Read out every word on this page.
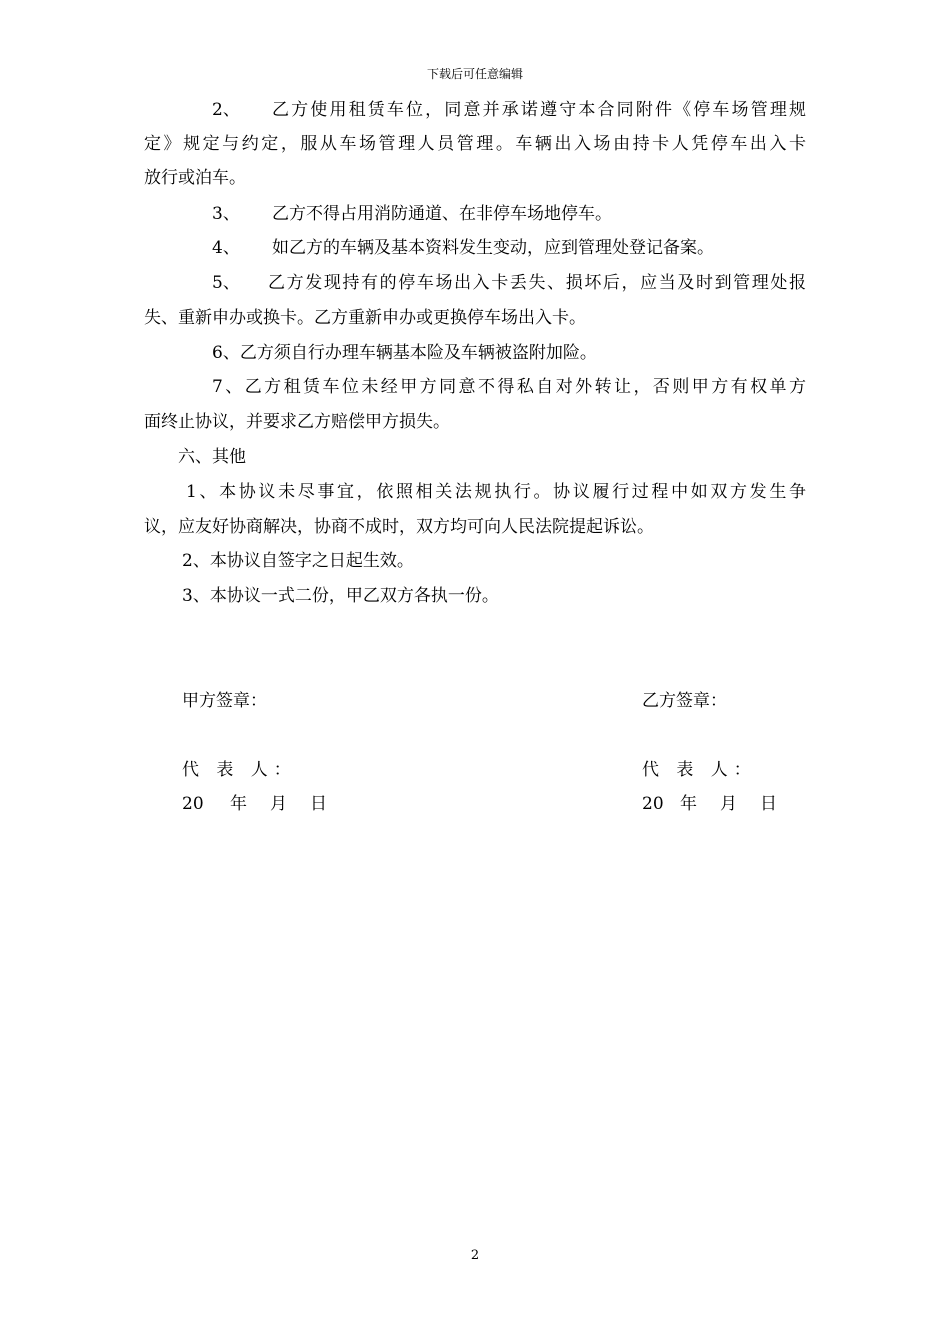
下载后可任意编辑
2、 乙方使用租赁车位，同意并承诺遵守本合同附件《停车场管理规
定》规定与约定，服从车场管理人员管理。车辆出入场由持卡人凭停车出入卡
放行或泊车。
3、 乙方不得占用消防通道、在非停车场地停车。
4、 如乙方的车辆及基本资料发生变动，应到管理处登记备案。
5、 乙方发现持有的停车场出入卡丢失、损坏后，应当及时到管理处报
失、重新申办或换卡。乙方重新申办或更换停车场出入卡。
6、乙方须自行办理车辆基本险及车辆被盗附加险。
7、乙方租赁车位未经甲方同意不得私自对外转让，否则甲方有权单方
面终止协议，并要求乙方赔偿甲方损失。
六、其他
1、本协议未尽事宜，依照相关法规执行。协议履行过程中如双方发生争
议，应友好协商解决，协商不成时，双方均可向人民法院提起诉讼。
2、本协议自签字之日起生效。
3、本协议一式二份，甲乙双方各执一份。
甲方签章：	乙方签章：
代 表 人：	代 表 人：
20 年 月 日	20 年 月 日
2
